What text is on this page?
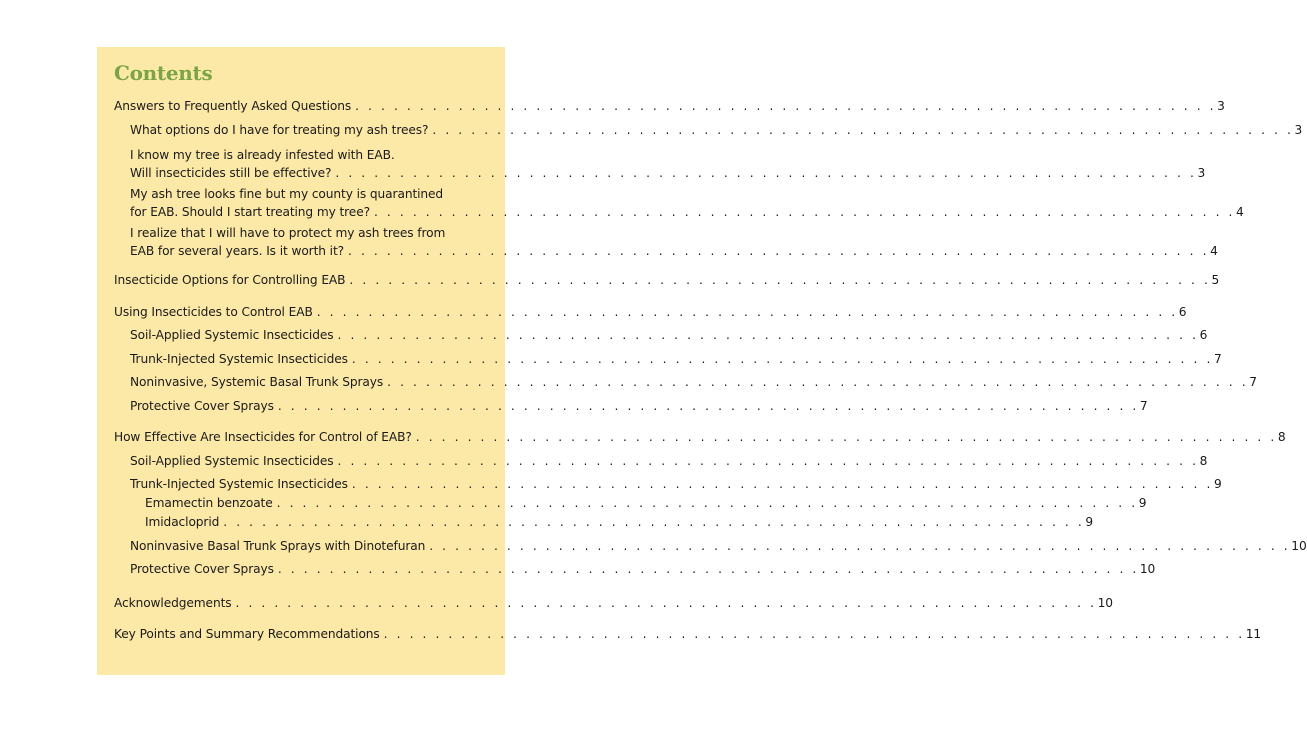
Contents
Answers to Frequently Asked Questions . . . . . . . . . . . . . . . . . . . . . . . . . . . . . . . . . . . . . . . . . . . . . . . . . . . . . . . . . . . . . . . . . . . 3
What options do I have for treating my ash trees? . . . . . . . . . . . . . . . . . . . . . . . . . . . . . . . . . . . . . . . . . . . . . . . . . . . . . . . . . . . . . . . . . . . 3
I know my tree is already infested with EAB.
Will insecticides still be effective? . . . . . . . . . . . . . . . . . . . . . . . . . . . . . . . . . . . . . . . . . . . . . . . . . . . . . . . . . . . . . . . . . . . 3
My ash tree looks fine but my county is quarantined
for EAB. Should I start treating my tree? . . . . . . . . . . . . . . . . . . . . . . . . . . . . . . . . . . . . . . . . . . . . . . . . . . . . . . . . . . . . . . . . . . . 4
I realize that I will have to protect my ash trees from
EAB for several years. Is it worth it? . . . . . . . . . . . . . . . . . . . . . . . . . . . . . . . . . . . . . . . . . . . . . . . . . . . . . . . . . . . . . . . . . . . 4
Insecticide Options for Controlling EAB . . . . . . . . . . . . . . . . . . . . . . . . . . . . . . . . . . . . . . . . . . . . . . . . . . . . . . . . . . . . . . . . . . . 5
Using Insecticides to Control EAB . . . . . . . . . . . . . . . . . . . . . . . . . . . . . . . . . . . . . . . . . . . . . . . . . . . . . . . . . . . . . . . . . . . 6
Soil-Applied Systemic Insecticides . . . . . . . . . . . . . . . . . . . . . . . . . . . . . . . . . . . . . . . . . . . . . . . . . . . . . . . . . . . . . . . . . . . 6
Trunk-Injected Systemic Insecticides . . . . . . . . . . . . . . . . . . . . . . . . . . . . . . . . . . . . . . . . . . . . . . . . . . . . . . . . . . . . . . . . . . . 7
Noninvasive, Systemic Basal Trunk Sprays . . . . . . . . . . . . . . . . . . . . . . . . . . . . . . . . . . . . . . . . . . . . . . . . . . . . . . . . . . . . . . . . . . . 7
Protective Cover Sprays . . . . . . . . . . . . . . . . . . . . . . . . . . . . . . . . . . . . . . . . . . . . . . . . . . . . . . . . . . . . . . . . . . . 7
How Effective Are Insecticides for Control of EAB? . . . . . . . . . . . . . . . . . . . . . . . . . . . . . . . . . . . . . . . . . . . . . . . . . . . . . . . . . . . . . . . . . . . 8
Soil-Applied Systemic Insecticides . . . . . . . . . . . . . . . . . . . . . . . . . . . . . . . . . . . . . . . . . . . . . . . . . . . . . . . . . . . . . . . . . . . 8
Trunk-Injected Systemic Insecticides . . . . . . . . . . . . . . . . . . . . . . . . . . . . . . . . . . . . . . . . . . . . . . . . . . . . . . . . . . . . . . . . . . . 9
Emamectin benzoate . . . . . . . . . . . . . . . . . . . . . . . . . . . . . . . . . . . . . . . . . . . . . . . . . . . . . . . . . . . . . . . . . . . 9
Imidacloprid . . . . . . . . . . . . . . . . . . . . . . . . . . . . . . . . . . . . . . . . . . . . . . . . . . . . . . . . . . . . . . . . . . . 9
Noninvasive Basal Trunk Sprays with Dinotefuran . . . . . . . . . . . . . . . . . . . . . . . . . . . . . . . . . . . . . . . . . . . . . . . . . . . . . . . . . . . . . . . . . . . 10
Protective Cover Sprays . . . . . . . . . . . . . . . . . . . . . . . . . . . . . . . . . . . . . . . . . . . . . . . . . . . . . . . . . . . . . . . . . . . 10
Acknowledgements . . . . . . . . . . . . . . . . . . . . . . . . . . . . . . . . . . . . . . . . . . . . . . . . . . . . . . . . . . . . . . . . . . . 10
Key Points and Summary Recommendations . . . . . . . . . . . . . . . . . . . . . . . . . . . . . . . . . . . . . . . . . . . . . . . . . . . . . . . . . . . . . . . . . . . 11
